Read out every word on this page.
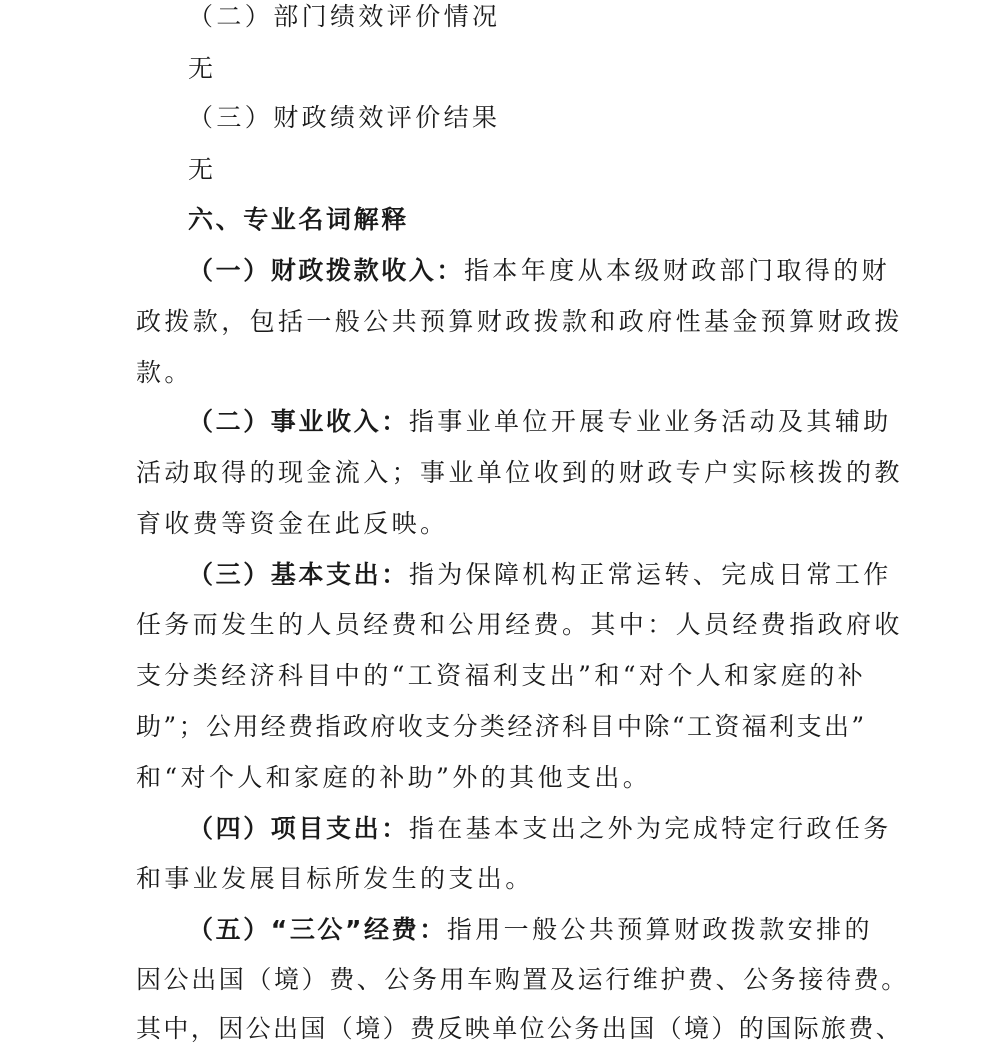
（二）部门绩效评价情况
无
（三）财政绩效评价结果
无
六、专业名词解释
（一）财政拨款收入：指本年度从本级财政部门取得的财
政拨款，包括一般公共预算财政拨款和政府性基金预算财政拨
款。
（二）事业收入：指事业单位开展专业业务活动及其辅助
活动取得的现金流入；事业单位收到的财政专户实际核拨的教
育收费等资金在此反映。
（三）基本支出：指为保障机构正常运转、完成日常工作
任务而发生的人员经费和公用经费。其中：人员经费指政府收
支分类经济科目中的“工资福利支出”和“对个人和家庭的补
助”；公用经费指政府收支分类经济科目中除“工资福利支出”
和“对个人和家庭的补助”外的其他支出。
（四）项目支出：指在基本支出之外为完成特定行政任务
和事业发展目标所发生的支出。
（五）“三公”经费：指用一般公共预算财政拨款安排的
因公出国（境）费、公务用车购置及运行维护费、公务接待费。
其中，因公出国（境）费反映单位公务出国（境）的国际旅费、
